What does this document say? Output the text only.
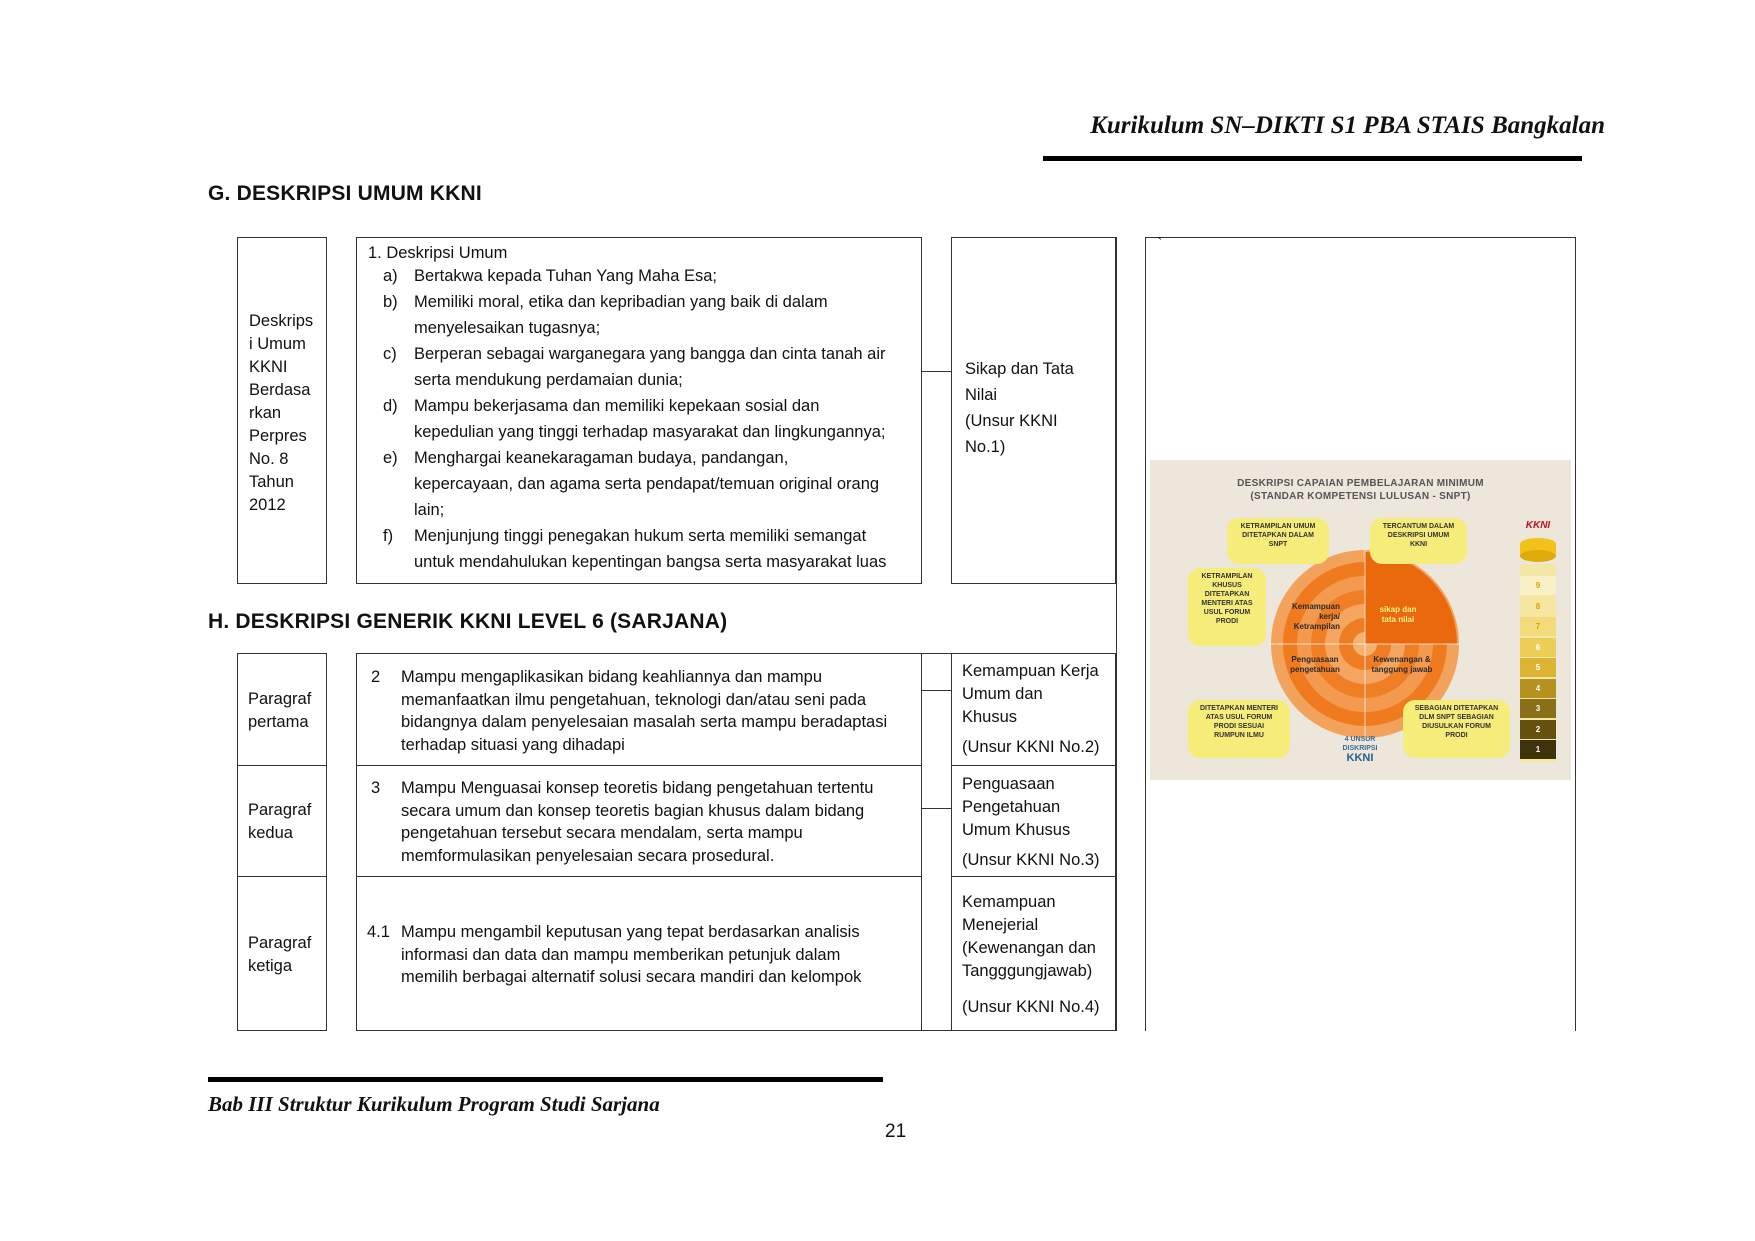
Kurikulum SN–DIKTI S1 PBA STAIS Bangkalan
G. DESKRIPSI UMUM KKNI
Deskrips
i Umum
KKNI
Berdasa
rkan
Perpres
No. 8
Tahun
2012
1. Deskripsi Umum
a) Bertakwa kepada Tuhan Yang Maha Esa;
b) Memiliki moral, etika dan kepribadian yang baik di dalam
menyelesaikan tugasnya;
c) Berperan sebagai warganegara yang bangga dan cinta tanah air
serta mendukung perdamaian dunia;
d) Mampu bekerjasama dan memiliki kepekaan sosial dan
kepedulian yang tinggi terhadap masyarakat dan lingkungannya;
e) Menghargai keanekaragaman budaya, pandangan,
kepercayaan, dan agama serta pendapat/temuan original orang
lain;
f) Menjunjung tinggi penegakan hukum serta memiliki semangat
untuk mendahulukan kepentingan bangsa serta masyarakat luas
Sikap dan Tata
Nilai
(Unsur KKNI
No.1)
`
DESKRIPSI CAPAIAN PEMBELAJARAN MINIMUM
(STANDAR KOMPETENSI LULUSAN - SNPT)
KETRAMPILAN UMUM
DITETAPKAN DALAM
SNPT
TERCANTUM DALAM
DESKRIPSI UMUM
KKNI
KETRAMPILAN
KHUSUS
DITETAPKAN
MENTERI ATAS
USUL FORUM
PRODI
DITETAPKAN MENTERI
ATAS USUL FORUM
PRODI SESUAI
RUMPUN ILMU
SEBAGIAN DITETAPKAN
DLM SNPT SEBAGIAN
DIUSULKAN FORUM
PRODI
Kemampuan
kerja/
Ketrampilan
sikap dan
tata nilai
Penguasaan
pengetahuan
Kewenangan &
tanggung jawab
4 UNSUR
DISKRIPSI
KKNI
KKNI
9
8
7
6
5
4
3
2
1
H. DESKRIPSI GENERIK KKNI LEVEL 6 (SARJANA)
Paragraf
pertama
Paragraf
kedua
Paragraf
ketiga
2 Mampu mengaplikasikan bidang keahliannya dan mampu
memanfaatkan ilmu pengetahuan, teknologi dan/atau seni pada
bidangnya dalam penyelesaian masalah serta mampu beradaptasi
terhadap situasi yang dihadapi
3 Mampu Menguasai konsep teoretis bidang pengetahuan tertentu
secara umum dan konsep teoretis bagian khusus dalam bidang
pengetahuan tersebut secara mendalam, serta mampu
memformulasikan penyelesaian secara prosedural.
4.1 Mampu mengambil keputusan yang tepat berdasarkan analisis
informasi dan data dan mampu memberikan petunjuk dalam
memilih berbagai alternatif solusi secara mandiri dan kelompok
Kemampuan Kerja
Umum dan
Khusus
(Unsur KKNI No.2)
Penguasaan
Pengetahuan
Umum Khusus
(Unsur KKNI No.3)
Kemampuan
Menejerial
(Kewenangan dan
Tangggungjawab)
(Unsur KKNI No.4)
Bab III Struktur Kurikulum Program Studi Sarjana
21
